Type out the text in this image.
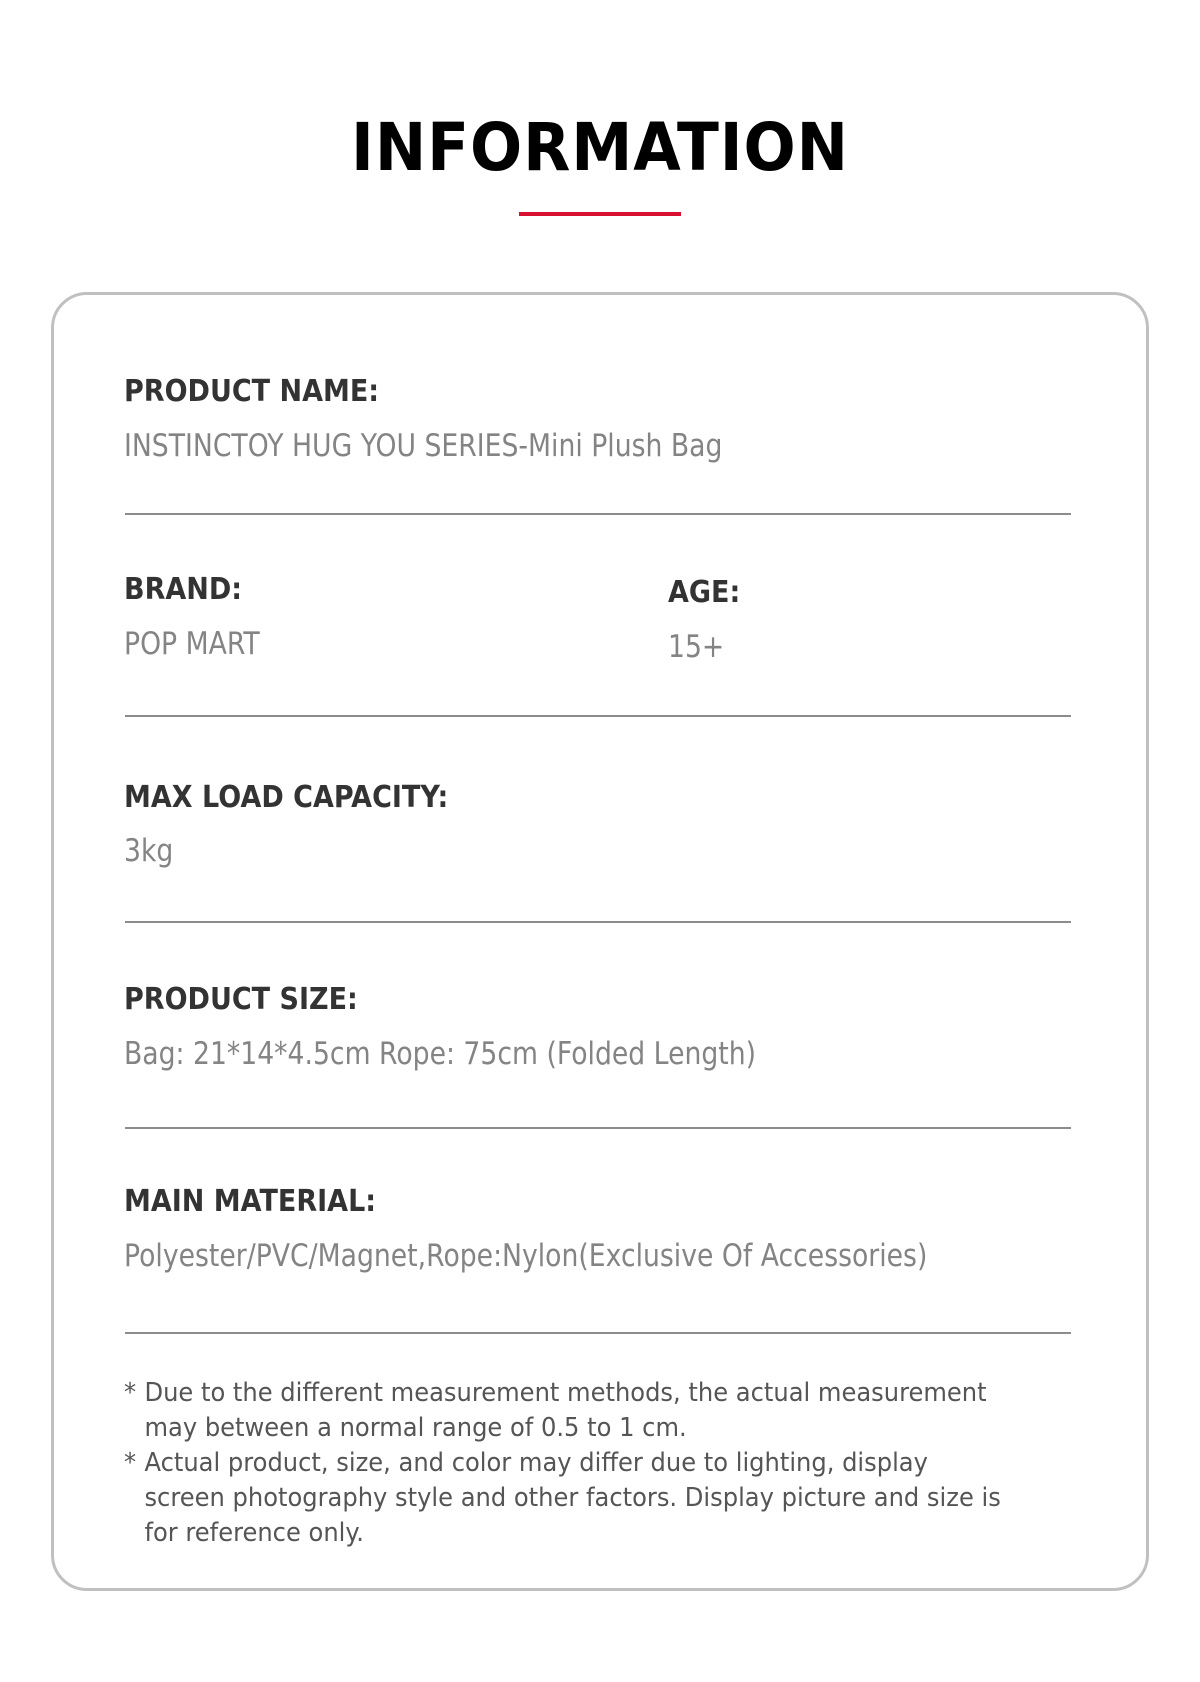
INFORMATION
PRODUCT NAME:
INSTINCTOY HUG YOU SERIES-Mini Plush Bag
BRAND:
POP MART
AGE:
15+
MAX LOAD CAPACITY:
3kg
PRODUCT SIZE:
Bag: 21*14*4.5cm Rope: 75cm (Folded Length)
MAIN MATERIAL:
Polyester/PVC/Magnet,Rope:Nylon(Exclusive Of Accessories)
* Due to the different measurement methods, the actual measurement
may between a normal range of 0.5 to 1 cm.
* Actual product, size, and color may differ due to lighting, display
screen photography style and other factors. Display picture and size is
for reference only.
